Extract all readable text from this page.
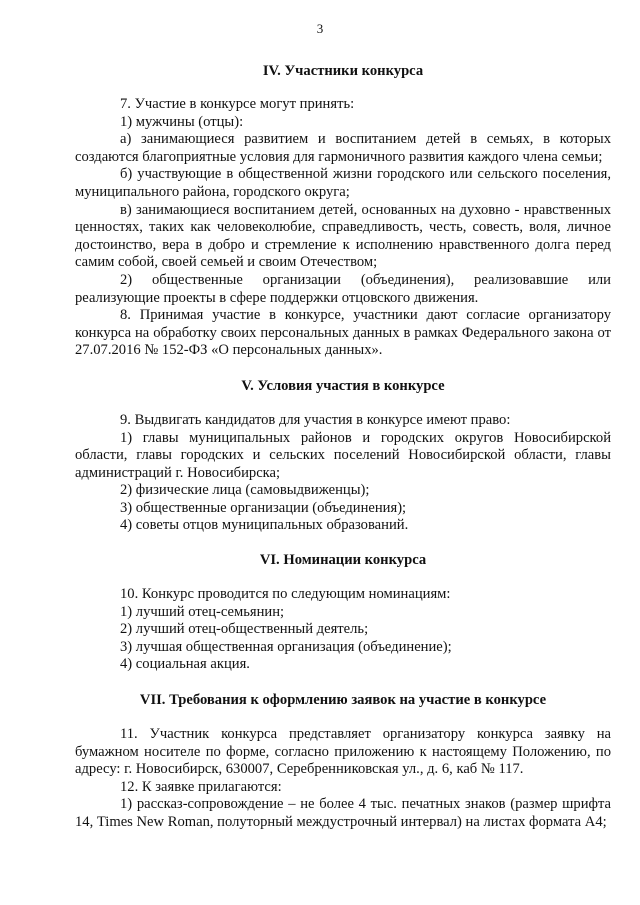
3
IV. Участники конкурса

7. Участие в конкурсе могут принять:

1) мужчины (отцы):

а) занимающиеся развитием и воспитанием детей в семьях, в которых создаются благоприятные условия для гармоничного развития каждого члена семьи;

б) участвующие в общественной жизни городского или сельского поселения, муниципального района, городского округа;

в) занимающиеся воспитанием детей, основанных на духовно - нравственных ценностях, таких как человеколюбие, справедливость, честь, совесть, воля, личное достоинство, вера в добро и стремление к исполнению нравственного долга перед самим собой, своей семьей и своим Отечеством;

2) общественные организации (объединения), реализовавшие или реализующие проекты в сфере поддержки отцовского движения.

8. Принимая участие в конкурсе, участники дают согласие организатору конкурса на обработку своих персональных данных в рамках Федерального закона от 27.07.2016 № 152-ФЗ «О персональных данных».

V. Условия участия в конкурсе

9. Выдвигать кандидатов для участия в конкурсе имеют право:

1) главы муниципальных районов и городских округов Новосибирской области, главы городских и сельских поселений Новосибирской области, главы администраций г. Новосибирска;

2) физические лица (самовыдвиженцы);

3) общественные организации (объединения);

4) советы отцов муниципальных образований.

VI. Номинации конкурса

10. Конкурс проводится по следующим номинациям:

1) лучший отец-семьянин;

2) лучший отец-общественный деятель;

3) лучшая общественная организация (объединение);

4) социальная акция.

VII. Требования к оформлению заявок на участие в конкурсе

11. Участник конкурса представляет организатору конкурса заявку на бумажном носителе по форме, согласно приложению к настоящему Положению, по адресу: г. Новосибирск, 630007, Серебренниковская ул., д. 6, каб № 117.

12. К заявке прилагаются:

1) рассказ-сопровождение – не более 4 тыс. печатных знаков (размер шрифта 14, Times New Roman, полуторный междустрочный интервал) на листах формата А4;
